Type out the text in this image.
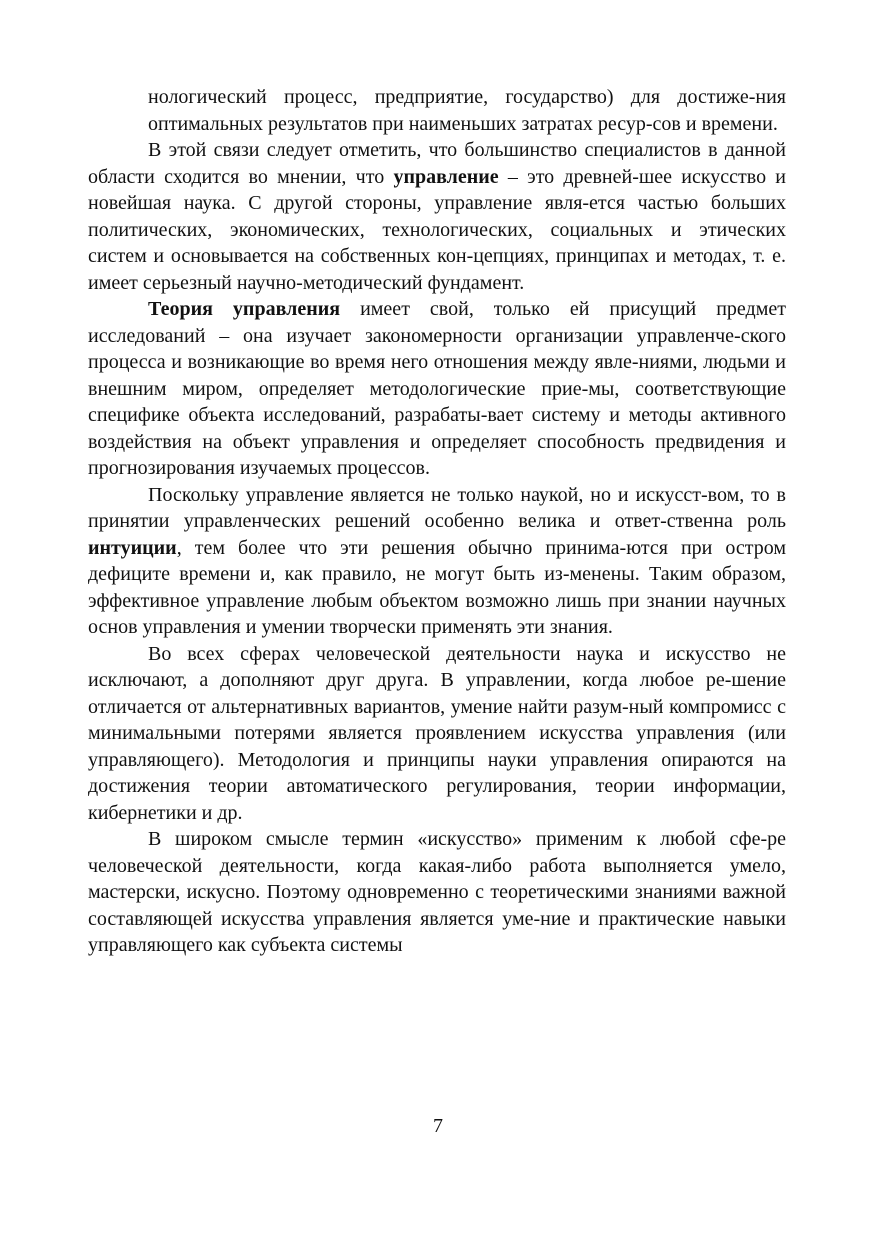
нологический процесс, предприятие, государство) для достиже-ния оптимальных результатов при наименьших затратах ресур-сов и времени.

В этой связи следует отметить, что большинство специалистов в данной области сходится во мнении, что управление – это древней-шее искусство и новейшая наука. С другой стороны, управление явля-ется частью больших политических, экономических, технологических, социальных и этических систем и основывается на собственных кон-цепциях, принципах и методах, т. е. имеет серьезный научно-методический фундамент.

Теория управления имеет свой, только ей присущий предмет исследований – она изучает закономерности организации управленче-ского процесса и возникающие во время него отношения между явле-ниями, людьми и внешним миром, определяет методологические прие-мы, соответствующие специфике объекта исследований, разрабаты-вает систему и методы активного воздействия на объект управления и определяет способность предвидения и прогнозирования изучаемых процессов.

Поскольку управление является не только наукой, но и искусст-вом, то в принятии управленческих решений особенно велика и ответ-ственна роль интуиции, тем более что эти решения обычно принима-ются при остром дефиците времени и, как правило, не могут быть из-менены. Таким образом, эффективное управление любым объектом возможно лишь при знании научных основ управления и умении творчески применять эти знания.

Во всех сферах человеческой деятельности наука и искусство не исключают, а дополняют друг друга. В управлении, когда любое ре-шение отличается от альтернативных вариантов, умение найти разум-ный компромисс с минимальными потерями является проявлением искусства управления (или управляющего). Методология и принципы науки управления опираются на достижения теории автоматического регулирования, теории информации, кибернетики и др.

В широком смысле термин «искусство» применим к любой сфе-ре человеческой деятельности, когда какая-либо работа выполняется умело, мастерски, искусно. Поэтому одновременно с теоретическими знаниями важной составляющей искусства управления является уме-ние и практические навыки управляющего как субъекта системы

7
